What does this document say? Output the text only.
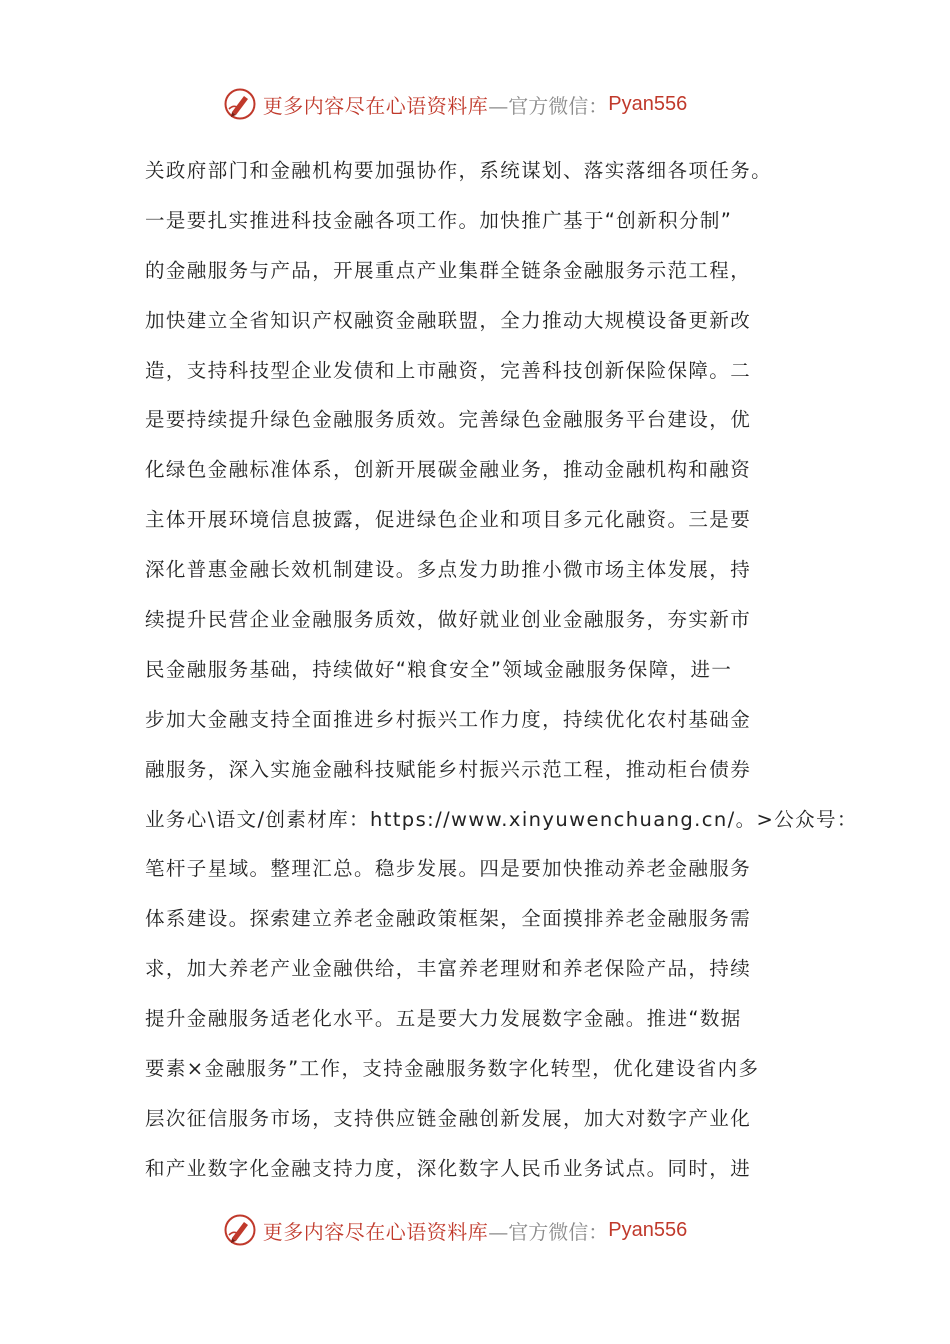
更多内容尽在心语资料库 —官方微信： Pyan556
关政府部门和金融机构要加强协作，系统谋划、落实落细各项任务。
一是要扎实推进科技金融各项工作。加快推广基于“创新积分制”
的金融服务与产品，开展重点产业集群全链条金融服务示范工程，
加快建立全省知识产权融资金融联盟，全力推动大规模设备更新改
造，支持科技型企业发债和上市融资，完善科技创新保险保障。二
是要持续提升绿色金融服务质效。完善绿色金融服务平台建设，优
化绿色金融标准体系，创新开展碳金融业务，推动金融机构和融资
主体开展环境信息披露，促进绿色企业和项目多元化融资。三是要
深化普惠金融长效机制建设。多点发力助推小微市场主体发展，持
续提升民营企业金融服务质效，做好就业创业金融服务，夯实新市
民金融服务基础，持续做好“粮食安全”领域金融服务保障，进一
步加大金融支持全面推进乡村振兴工作力度，持续优化农村基础金
融服务，深入实施金融科技赋能乡村振兴示范工程，推动柜台债券
业务心\语文/创素材库：https://www.xinyuwenchuang.cn/。>公众号：
笔杆子星域。整理汇总。稳步发展。四是要加快推动养老金融服务
体系建设。探索建立养老金融政策框架，全面摸排养老金融服务需
求，加大养老产业金融供给，丰富养老理财和养老保险产品，持续
提升金融服务适老化水平。五是要大力发展数字金融。推进“数据
要素×金融服务”工作，支持金融服务数字化转型，优化建设省内多
层次征信服务市场，支持供应链金融创新发展，加大对数字产业化
和产业数字化金融支持力度，深化数字人民币业务试点。同时，进
更多内容尽在心语资料库 —官方微信： Pyan556
